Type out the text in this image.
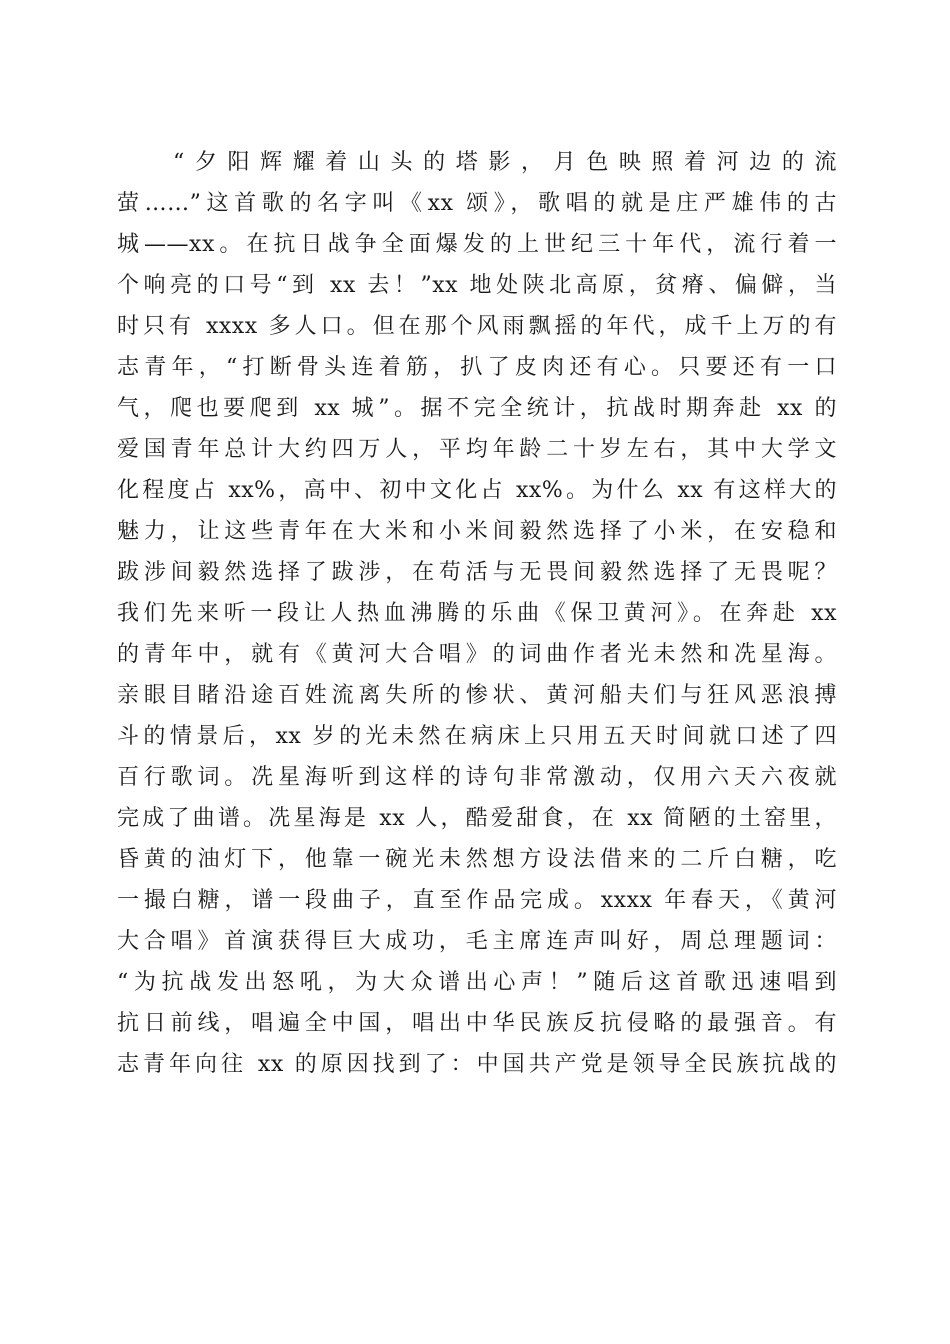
“夕阳辉耀着山头的塔影，月色映照着河边的流
萤……”这首歌的名字叫《xx 颂》，歌唱的就是庄严雄伟的古
城——xx。在抗日战争全面爆发的上世纪三十年代，流行着一
个响亮的口号“到 xx 去！”xx 地处陕北高原，贫瘠、偏僻，当
时只有 xxxx 多人口。但在那个风雨飘摇的年代，成千上万的有
志青年，“打断骨头连着筋，扒了皮肉还有心。只要还有一口
气，爬也要爬到 xx 城”。据不完全统计，抗战时期奔赴 xx 的
爱国青年总计大约四万人，平均年龄二十岁左右，其中大学文
化程度占 xx%，高中、初中文化占 xx%。为什么 xx 有这样大的
魅力，让这些青年在大米和小米间毅然选择了小米，在安稳和
跋涉间毅然选择了跋涉，在苟活与无畏间毅然选择了无畏呢？
我们先来听一段让人热血沸腾的乐曲《保卫黄河》。在奔赴 xx
的青年中，就有《黄河大合唱》的词曲作者光未然和冼星海。
亲眼目睹沿途百姓流离失所的惨状、黄河船夫们与狂风恶浪搏
斗的情景后，xx 岁的光未然在病床上只用五天时间就口述了四
百行歌词。冼星海听到这样的诗句非常激动，仅用六天六夜就
完成了曲谱。冼星海是 xx 人，酷爱甜食，在 xx 简陋的土窑里，
昏黄的油灯下，他靠一碗光未然想方设法借来的二斤白糖，吃
一撮白糖，谱一段曲子，直至作品完成。xxxx 年春天，《黄河
大合唱》首演获得巨大成功，毛主席连声叫好，周总理题词：
“为抗战发出怒吼，为大众谱出心声！”随后这首歌迅速唱到
抗日前线，唱遍全中国，唱出中华民族反抗侵略的最强音。有
志青年向往 xx 的原因找到了：中国共产党是领导全民族抗战的
